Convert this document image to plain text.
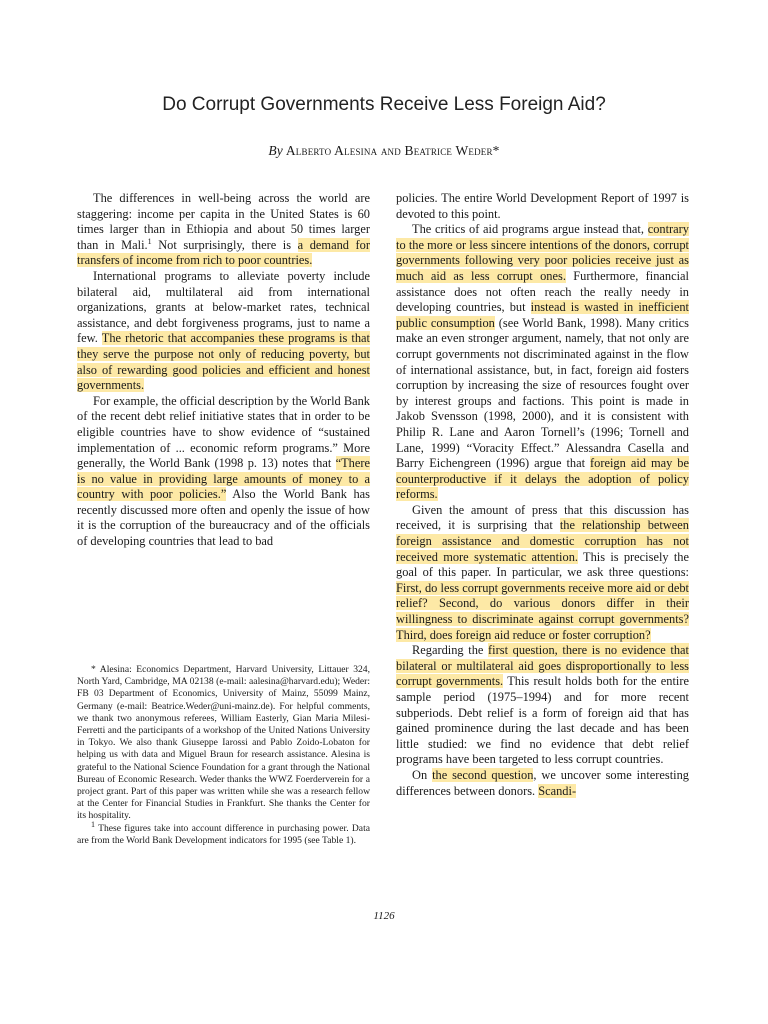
Do Corrupt Governments Receive Less Foreign Aid?
By Alberto Alesina and Beatrice Weder*

The differences in well-being across the world are staggering: income per capita in the United States is 60 times larger than in Ethiopia and about 50 times larger than in Mali.$^1$ Not surprisingly, there is a demand for transfers of income from rich to poor countries.

International programs to alleviate poverty include bilateral aid, multilateral aid from international organizations, grants at below-market rates, technical assistance, and debt forgiveness programs, just to name a few. The rhetoric that accompanies these programs is that they serve the purpose not only of reducing poverty, but also of rewarding good policies and efficient and honest governments.

For example, the official description by the World Bank of the recent debt relief initiative states that in order to be eligible countries have to show evidence of “sustained implementation of ... economic reform programs.” More generally, the World Bank (1998 p. 13) notes that “There is no value in providing large amounts of money to a country with poor policies.” Also the World Bank has recently discussed more often and openly the issue of how it is the corruption of the bureaucracy and of the officials of developing countries that lead to bad

* Alesina: Economics Department, Harvard University, Littauer 324, North Yard, Cambridge, MA 02138 (e-mail: aalesina@harvard.edu); Weder: FB 03 Department of Economics, University of Mainz, 55099 Mainz, Germany (e-mail: Beatrice.Weder@uni-mainz.de). For helpful comments, we thank two anonymous referees, William Easterly, Gian Maria Milesi-Ferretti and the participants of a workshop of the United Nations University in Tokyo. We also thank Giuseppe Iarossi and Pablo Zoido-Lobaton for helping us with data and Miguel Braun for research assistance. Alesina is grateful to the National Science Foundation for a grant through the National Bureau of Economic Research. Weder thanks the WWZ Foerderverein for a project grant. Part of this paper was written while she was a research fellow at the Center for Financial Studies in Frankfurt. She thanks the Center for its hospitality.

$^1$ These figures take into account difference in purchasing power. Data are from the World Bank Development indicators for 1995 (see Table 1).

policies. The entire World Development Report of 1997 is devoted to this point.

The critics of aid programs argue instead that, contrary to the more or less sincere intentions of the donors, corrupt governments following very poor policies receive just as much aid as less corrupt ones. Furthermore, financial assistance does not often reach the really needy in developing countries, but instead is wasted in inefficient public consumption (see World Bank, 1998). Many critics make an even stronger argument, namely, that not only are corrupt governments not discriminated against in the flow of international assistance, but, in fact, foreign aid fosters corruption by increasing the size of resources fought over by interest groups and factions. This point is made in Jakob Svensson (1998, 2000), and it is consistent with Philip R. Lane and Aaron Tornell’s (1996; Tornell and Lane, 1999) “Voracity Effect.” Alessandra Casella and Barry Eichengreen (1996) argue that foreign aid may be counterproductive if it delays the adoption of policy reforms.

Given the amount of press that this discussion has received, it is surprising that the relationship between foreign assistance and domestic corruption has not received more systematic attention. This is precisely the goal of this paper. In particular, we ask three questions: First, do less corrupt governments receive more aid or debt relief? Second, do various donors differ in their willingness to discriminate against corrupt governments? Third, does foreign aid reduce or foster corruption?

Regarding the first question, there is no evidence that bilateral or multilateral aid goes disproportionally to less corrupt governments. This result holds both for the entire sample period (1975–1994) and for more recent subperiods. Debt relief is a form of foreign aid that has gained prominence during the last decade and has been little studied: we find no evidence that debt relief programs have been targeted to less corrupt countries.

On the second question, we uncover some interesting differences between donors. Scandi-

1126
